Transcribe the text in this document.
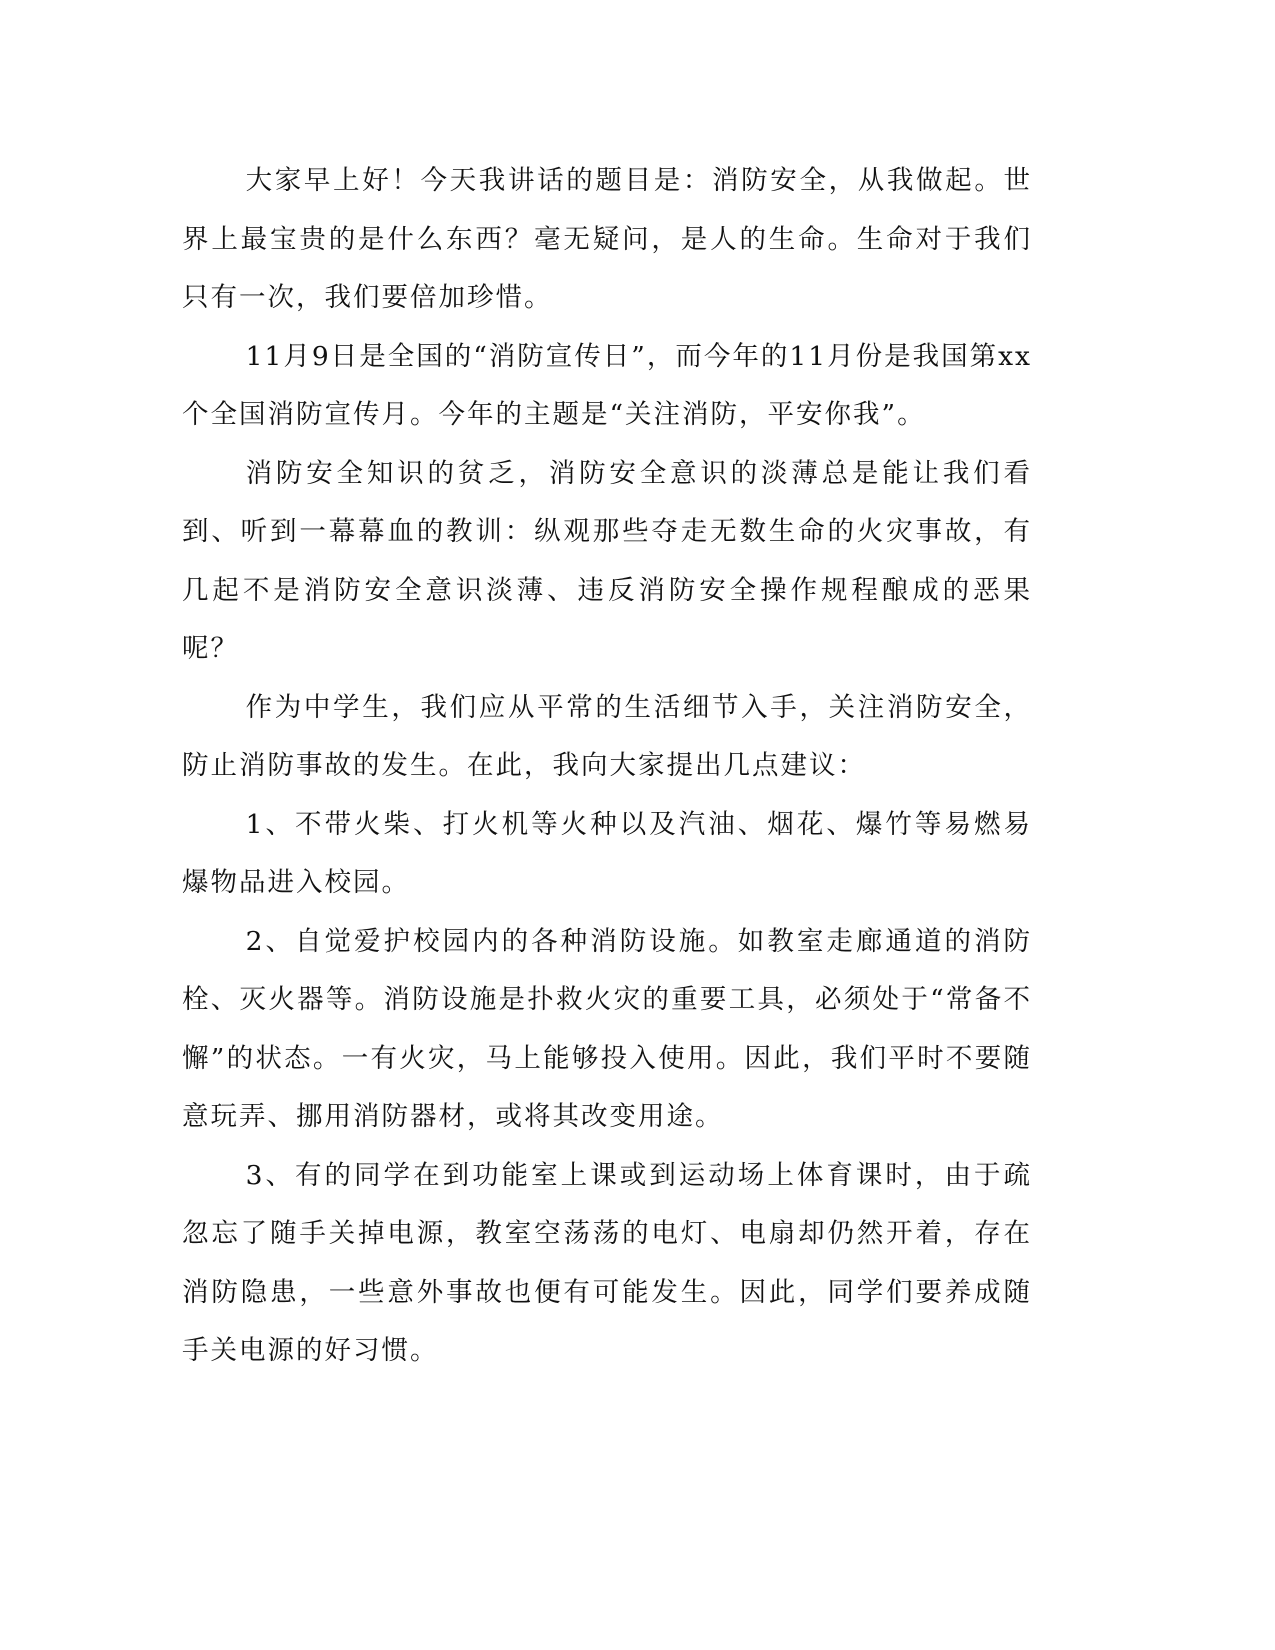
大家早上好！今天我讲话的题目是：消防安全，从我做起。世界上最宝贵的是什么东西？毫无疑问，是人的生命。生命对于我们只有一次，我们要倍加珍惜。

11月9日是全国的“消防宣传日”，而今年的11月份是我国第xx个全国消防宣传月。今年的主题是“关注消防，平安你我”。

消防安全知识的贫乏，消防安全意识的淡薄总是能让我们看到、听到一幕幕血的教训：纵观那些夺走无数生命的火灾事故，有几起不是消防安全意识淡薄、违反消防安全操作规程酿成的恶果呢？

作为中学生，我们应从平常的生活细节入手，关注消防安全，防止消防事故的发生。在此，我向大家提出几点建议：

1、不带火柴、打火机等火种以及汽油、烟花、爆竹等易燃易爆物品进入校园。

2、自觉爱护校园内的各种消防设施。如教室走廊通道的消防栓、灭火器等。消防设施是扑救火灾的重要工具，必须处于“常备不懈”的状态。一有火灾，马上能够投入使用。因此，我们平时不要随意玩弄、挪用消防器材，或将其改变用途。

3、有的同学在到功能室上课或到运动场上体育课时，由于疏忽忘了随手关掉电源，教室空荡荡的电灯、电扇却仍然开着，存在消防隐患，一些意外事故也便有可能发生。因此，同学们要养成随手关电源的好习惯。
